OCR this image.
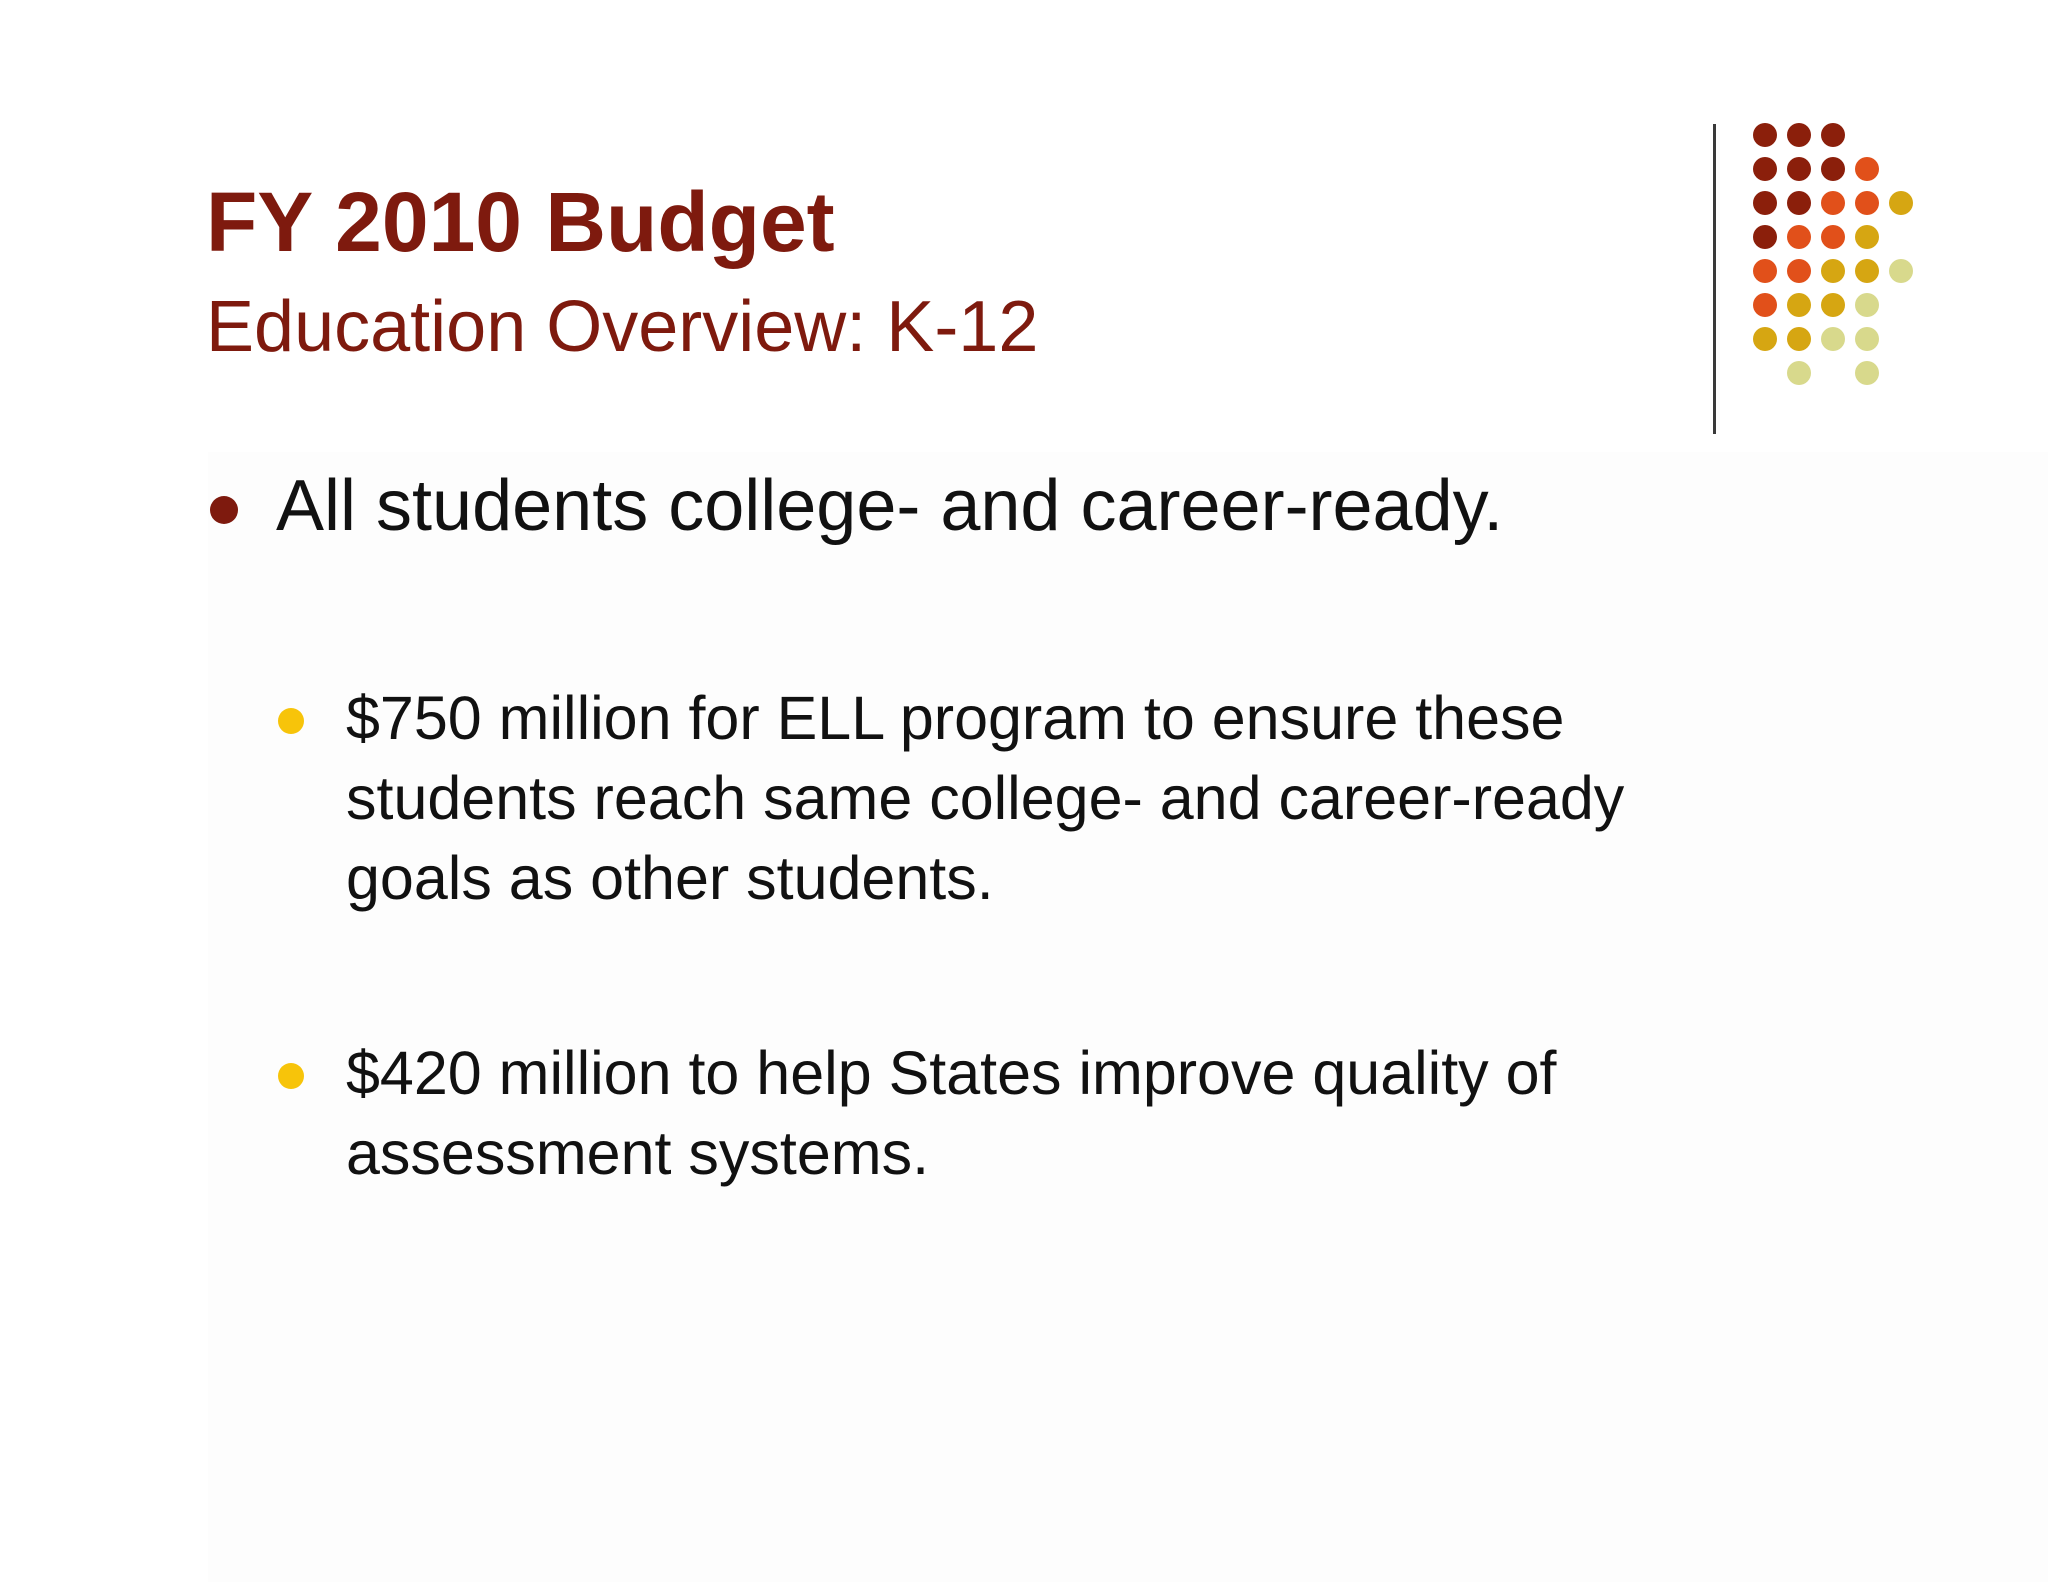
FY 2010 Budget
Education Overview: K-12
All students college- and career-ready.
$750 million for ELL program to ensure these
students reach same college- and career-ready
goals as other students.
$420 million to help States improve quality of
assessment systems.
